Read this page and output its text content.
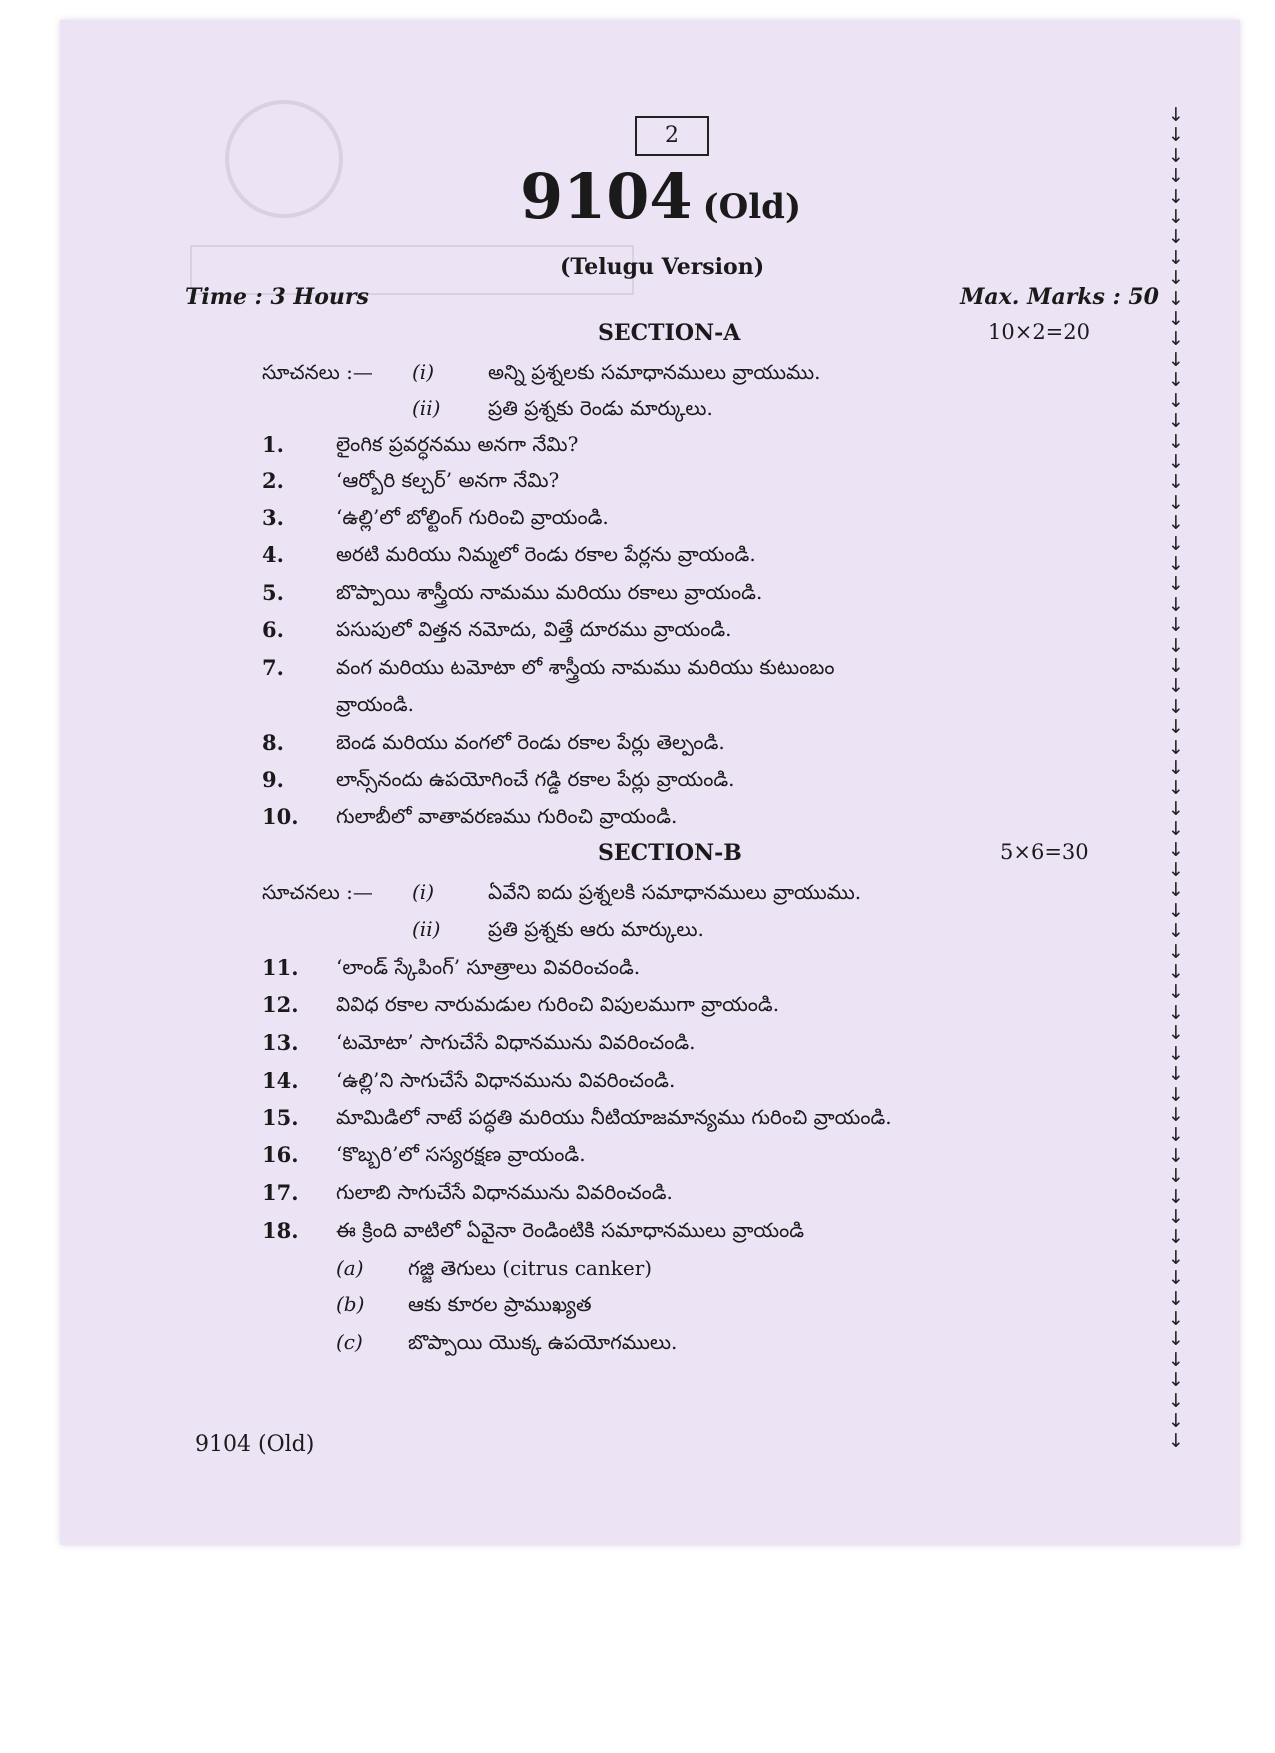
2
9104 (Old)
(Telugu Version)
Time : 3 Hours	Max. Marks : 50
SECTION-A	10×2=20
సూచనలు :— (i)	అన్ని ప్రశ్నలకు సమాధానములు వ్రాయుము.
(ii) ప్రతి ప్రశ్నకు రెండు మార్కులు.
1.	లైంగిక ప్రవర్ధనము అనగా నేమి?
2.	‘ఆర్బోరి కల్చర్’ అనగా నేమి?
3.	‘ఉల్లి’లో బోల్టింగ్ గురించి వ్రాయండి.
4.	అరటి మరియు నిమ్మలో రెండు రకాల పేర్లను వ్రాయండి.
5.	బొప్పాయి శాస్త్రీయ నామము మరియు రకాలు వ్రాయండి.
6.	పసుపులో విత్తన నమోదు, విత్తే దూరము వ్రాయండి.
7.	వంగ మరియు టమోటా లో శాస్త్రీయ నామము మరియు కుటుంబం
వ్రాయండి.
8.	బెండ మరియు వంగలో రెండు రకాల పేర్లు తెల్పండి.
9.	లాన్స్‌నందు ఉపయోగించే గడ్డి రకాల పేర్లు వ్రాయండి.
10. గులాబీలో వాతావరణము గురించి వ్రాయండి.
SECTION-B	5×6=30
సూచనలు :— (i)	ఏవేని ఐదు ప్రశ్నలకి సమాధానములు వ్రాయుము.
(ii) ప్రతి ప్రశ్నకు ఆరు మార్కులు.
11. ‘లాండ్ స్కేపింగ్’ సూత్రాలు వివరించండి.
12. వివిధ రకాల నారుమడుల గురించి విపులముగా వ్రాయండి.
13. ‘టమోటా’ సాగుచేసే విధానమును వివరించండి.
14. ‘ఉల్లి’ని సాగుచేసే విధానమును వివరించండి.
15. మామిడిలో నాటే పద్ధతి మరియు నీటియాజమాన్యము గురించి వ్రాయండి.
16. ‘కొబ్బరి’లో సస్యరక్షణ వ్రాయండి.
17. గులాబి సాగుచేసే విధానమును వివరించండి.
18. ఈ క్రింది వాటిలో ఏవైనా రెండింటికి సమాధానములు వ్రాయండి
(a) గజ్జి తెగులు (citrus canker)
(b) ఆకు కూరల ప్రాముఖ్యత
(c) బొప్పాయి యొక్క ఉపయోగములు.
9104 (Old)
↓
↓
↓
↓
↓
↓
↓
↓
↓
↓
↓
↓
↓
↓
↓
↓
↓
↓
↓
↓
↓
↓
↓
↓
↓
↓
↓
↓
↓
↓
↓
↓
↓
↓
↓
↓
↓
↓
↓
↓
↓
↓
↓
↓
↓
↓
↓
↓
↓
↓
↓
↓
↓
↓
↓
↓
↓
↓
↓
↓
↓
↓
↓
↓
↓
↓
